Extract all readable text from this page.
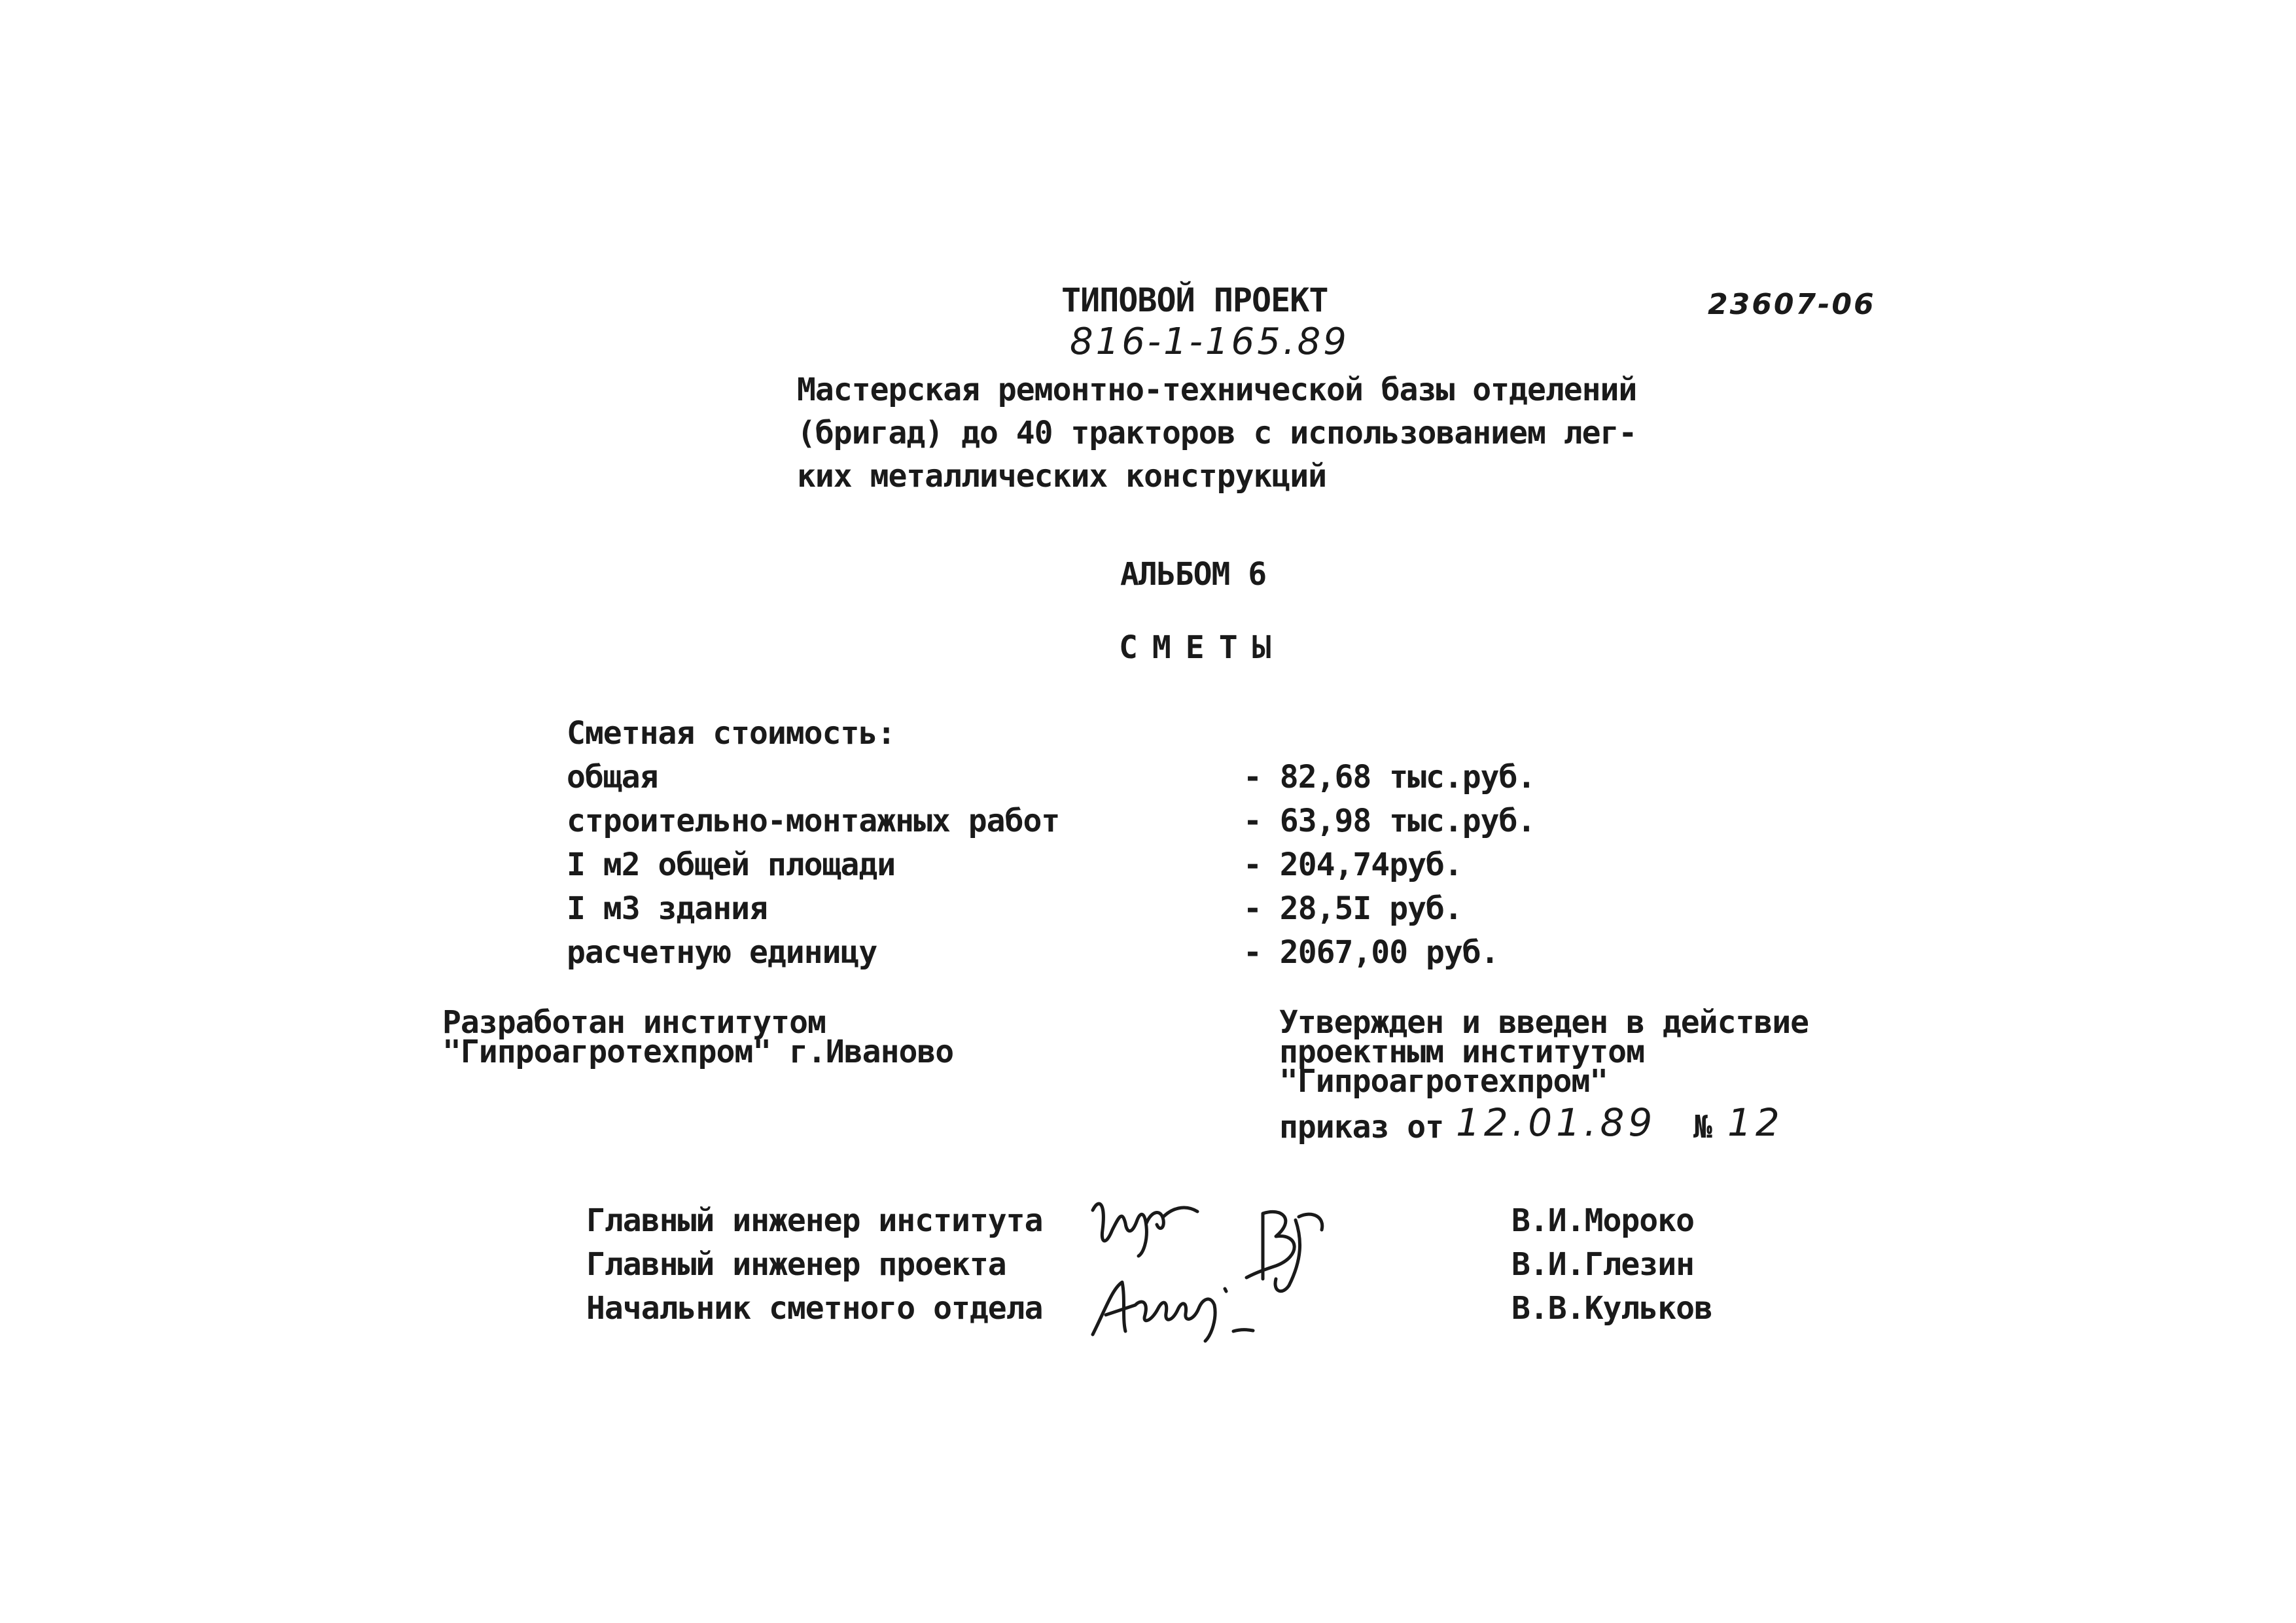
23607-06
ТИПОВОЙ ПРОЕКТ
816-1-165.89
Мастерская ремонтно-технической базы отделений
(бригад) до 40 тракторов с использованием лег-
ких металлических конструкций
АЛЬБОМ 6
СМЕТЫ
Сметная стоимость:
общая	- 82,68 тыс.руб.
строительно-монтажных работ	- 63,98 тыс.руб.
I м2 общей площади	- 204,74руб.
I м3 здания	- 28,5I руб.
расчетную единицу	- 2067,00 руб.
Разработан институтом
"Гипроагротехпром" г.Иваново
Утвержден и введен в действие
проектным институтом
"Гипроагротехпром"
приказ от 12.01.89 № 12
Главный инженер института	В.И.Мороко
Главный инженер проекта	В.И.Глезин
Начальник сметного отдела	В.В.Кульков
